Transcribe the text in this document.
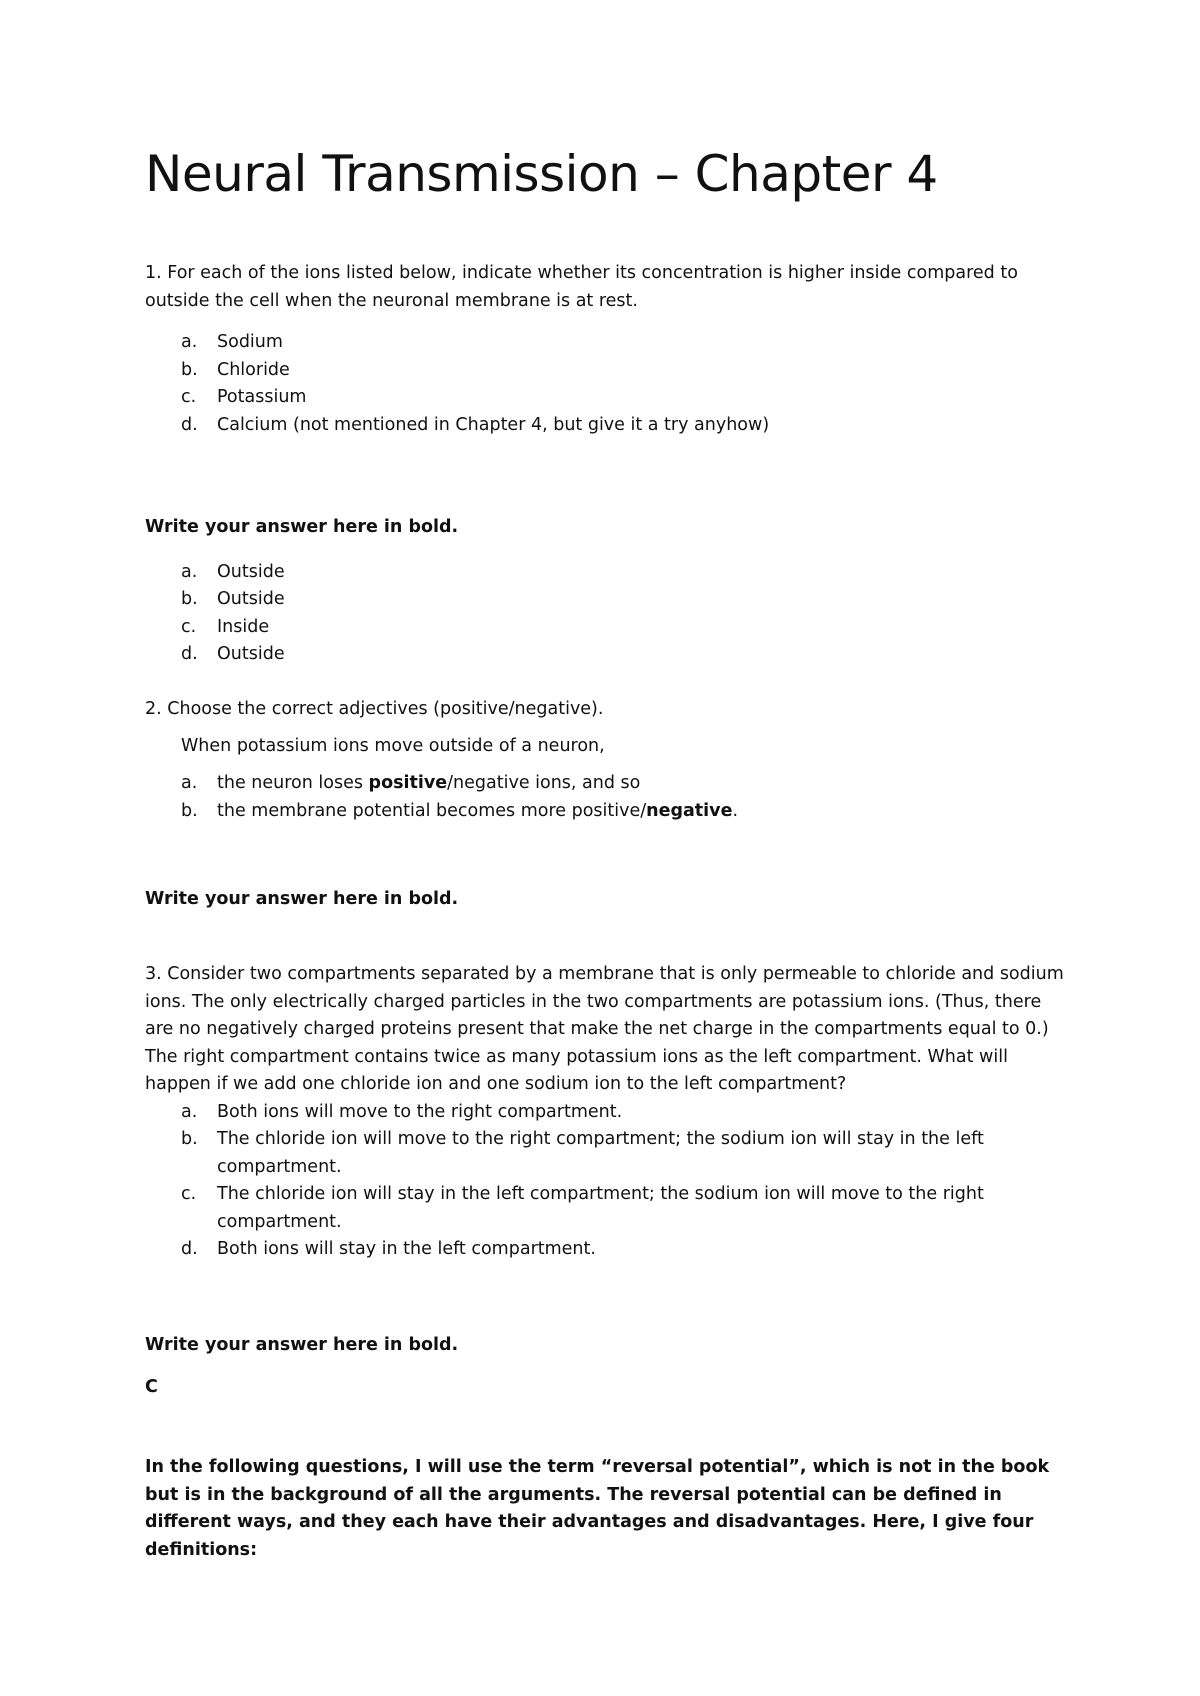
Neural Transmission – Chapter 4

1. For each of the ions listed below, indicate whether its concentration is higher inside compared to outside the cell when the neuronal membrane is at rest.

a.	Sodium
b.	Chloride
c.	Potassium
d.	Calcium (not mentioned in Chapter 4, but give it a try anyhow)

Write your answer here in bold.

a.	Outside
b.	Outside
c.	Inside
d.	Outside

2. Choose the correct adjectives (positive/negative).

When potassium ions move outside of a neuron,

a.	the neuron loses positive/negative ions, and so
b.	the membrane potential becomes more positive/negative.

Write your answer here in bold.

3. Consider two compartments separated by a membrane that is only permeable to chloride and sodium ions. The only electrically charged particles in the two compartments are potassium ions. (Thus, there are no negatively charged proteins present that make the net charge in the compartments equal to 0.) The right compartment contains twice as many potassium ions as the left compartment. What will happen if we add one chloride ion and one sodium ion to the left compartment?

a.	Both ions will move to the right compartment.
b.	The chloride ion will move to the right compartment; the sodium ion will stay in the left compartment.
c.	The chloride ion will stay in the left compartment; the sodium ion will move to the right compartment.
d.	Both ions will stay in the left compartment.

Write your answer here in bold.

C

In the following questions, I will use the term “reversal potential”, which is not in the book but is in the background of all the arguments. The reversal potential can be defined in different ways, and they each have their advantages and disadvantages. Here, I give four definitions:
